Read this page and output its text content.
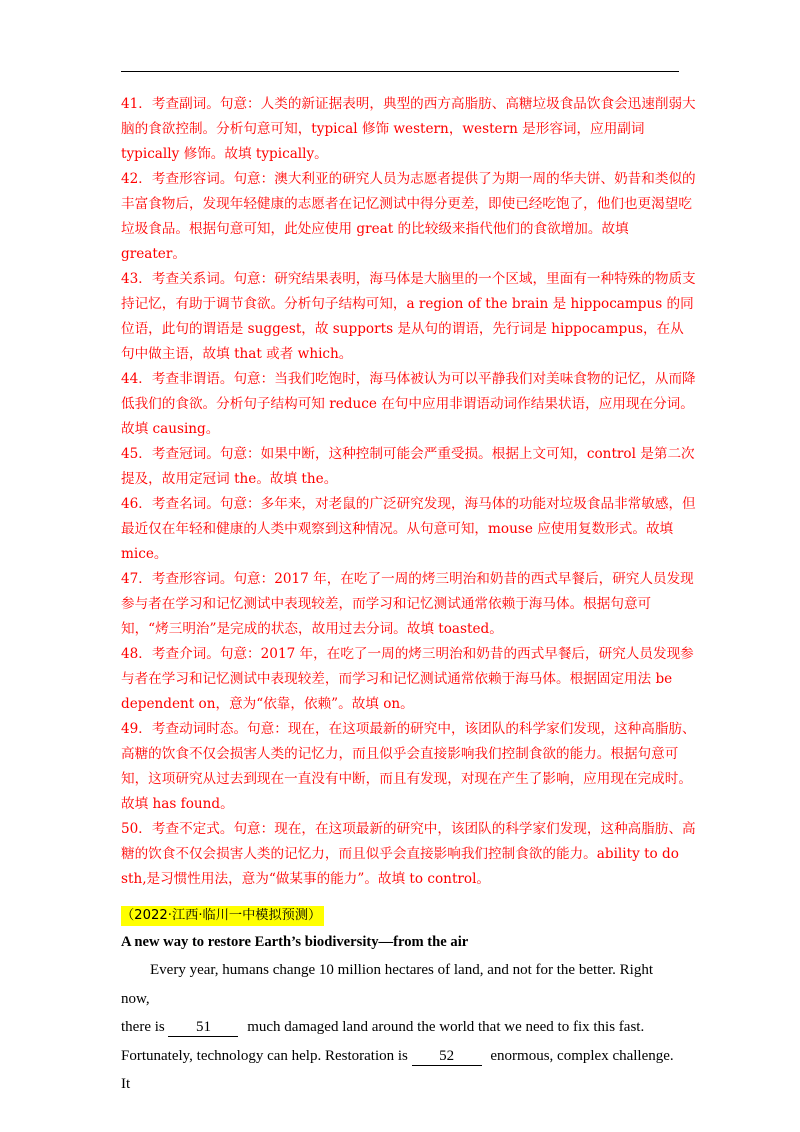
41．考查副词。句意：人类的新证据表明，典型的西方高脂肪、高糖垃圾食品饮食会迅速削弱大脑的食欲控制。分析句意可知，typical 修饰 western，western 是形容词，应用副词 typically 修饰。故填 typically。

42．考查形容词。句意：澳大利亚的研究人员为志愿者提供了为期一周的华夫饼、奶昔和类似的丰富食物后，发现年轻健康的志愿者在记忆测试中得分更差，即使已经吃饱了，他们也更渴望吃垃圾食品。根据句意可知，此处应使用 great 的比较级来指代他们的食欲增加。故填 greater。

43．考查关系词。句意：研究结果表明，海马体是大脑里的一个区域，里面有一种特殊的物质支持记忆，有助于调节食欲。分析句子结构可知，a region of the brain 是 hippocampus 的同位语，此句的谓语是 suggest，故 supports 是从句的谓语，先行词是 hippocampus，在从句中做主语，故填 that 或者 which。

44．考查非谓语。句意：当我们吃饱时，海马体被认为可以平静我们对美味食物的记忆，从而降低我们的食欲。分析句子结构可知 reduce 在句中应用非谓语动词作结果状语，应用现在分词。故填 causing。

45．考查冠词。句意：如果中断，这种控制可能会严重受损。根据上文可知，control 是第二次提及，故用定冠词 the。故填 the。

46．考查名词。句意：多年来，对老鼠的广泛研究发现，海马体的功能对垃圾食品非常敏感，但最近仅在年轻和健康的人类中观察到这种情况。从句意可知，mouse 应使用复数形式。故填 mice。

47．考查形容词。句意：2017 年，在吃了一周的烤三明治和奶昔的西式早餐后，研究人员发现参与者在学习和记忆测试中表现较差，而学习和记忆测试通常依赖于海马体。根据句意可知，“烤三明治”是完成的状态，故用过去分词。故填 toasted。

48．考查介词。句意：2017 年，在吃了一周的烤三明治和奶昔的西式早餐后，研究人员发现参与者在学习和记忆测试中表现较差，而学习和记忆测试通常依赖于海马体。根据固定用法 be dependent on，意为“依靠，依赖”。故填 on。

49．考查动词时态。句意：现在，在这项最新的研究中，该团队的科学家们发现，这种高脂肪、高糖的饮食不仅会损害人类的记忆力，而且似乎会直接影响我们控制食欲的能力。根据句意可知，这项研究从过去到现在一直没有中断，而且有发现，对现在产生了影响，应用现在完成时。故填 has found。

50．考查不定式。句意：现在，在这项最新的研究中，该团队的科学家们发现，这种高脂肪、高糖的饮食不仅会损害人类的记忆力，而且似乎会直接影响我们控制食欲的能力。ability to do sth,是习惯性用法，意为“做某事的能力”。故填 to control。

（2022·江西·临川一中模拟预测）
A new way to restore Earth’s biodiversity—from the air

Every year, humans change 10 million hectares of land, and not for the better. Right now,

there is 51 much damaged land around the world that we need to fix this fast.

Fortunately, technology can help. Restoration is 52 enormous, complex challenge. It
